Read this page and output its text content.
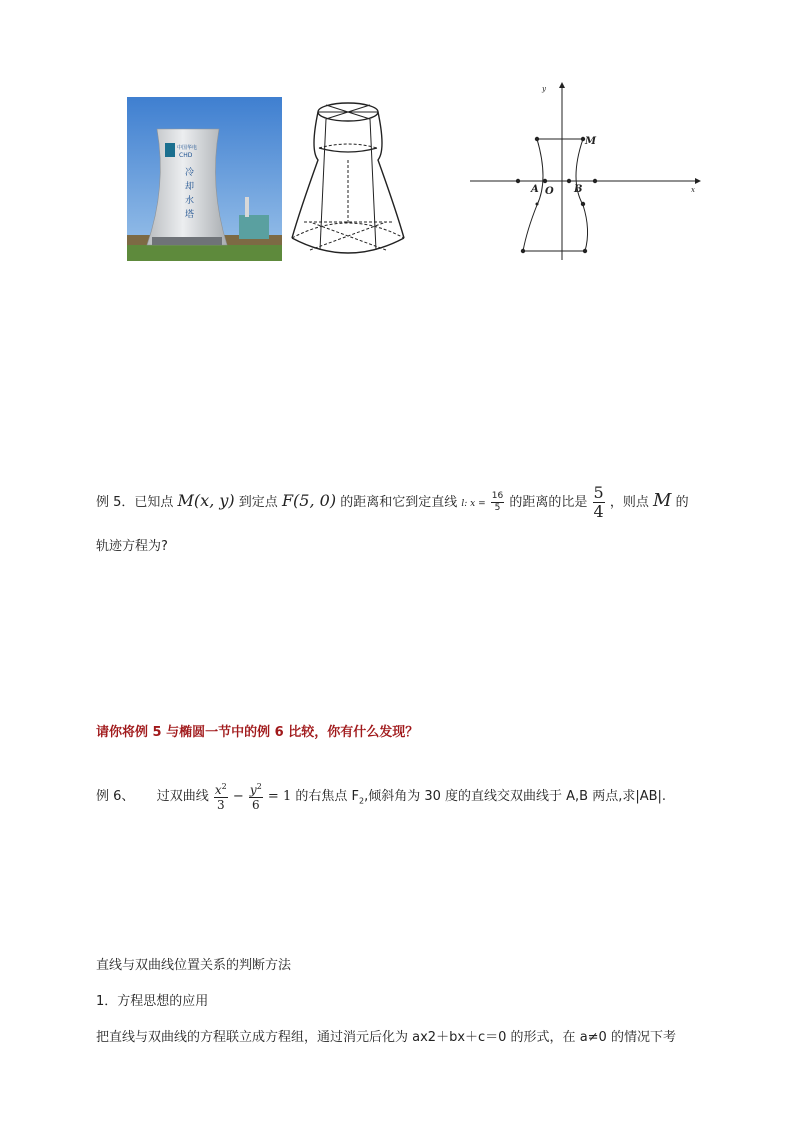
中国华电
CHD
冷
却
水
塔
y
x
M
A O B
例 5．已知点 M(x, y) 到定点 F(5, 0) 的距离和它到定直线 l: $x = \frac{16}{5}$ 的距离的比是 $\frac{5}{4}$ ，则点 M 的
轨迹方程为?
请你将例 5 与椭圆一节中的例 6 比较，你有什么发现？
例 6、 过双曲线 $\frac{x^2}{3} - \frac{y^2}{6} = 1$ 的右焦点 $F_2$,倾斜角为 30 度的直线交双曲线于 A,B 两点,求|AB|.
直线与双曲线位置关系的判断方法
1．方程思想的应用
把直线与双曲线的方程联立成方程组，通过消元后化为 ax2＋bx＋c＝0 的形式，在 a≠0 的情况下考
